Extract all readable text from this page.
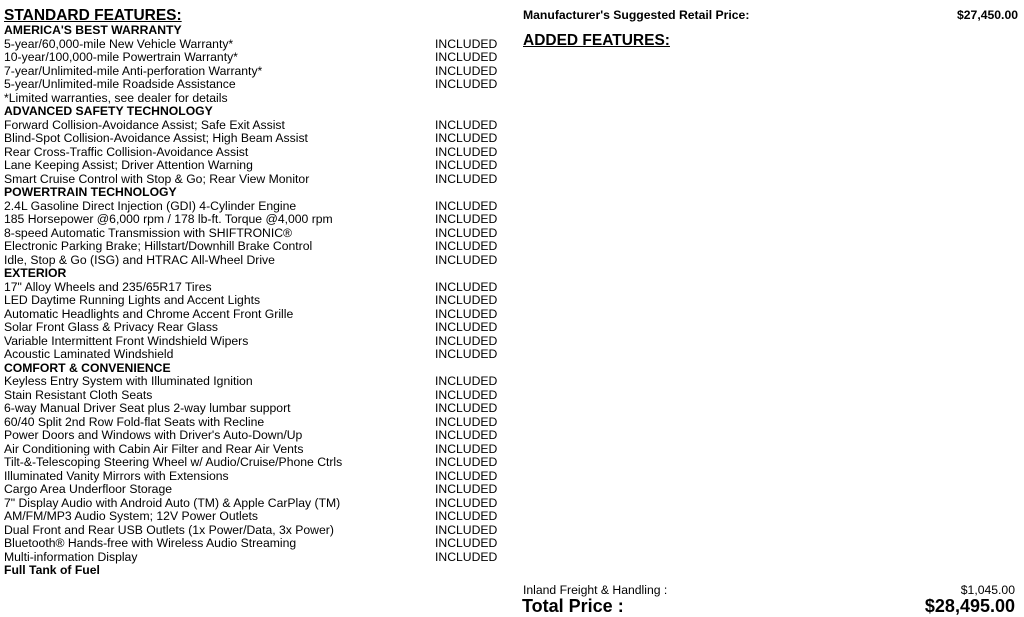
STANDARD FEATURES:
AMERICA'S BEST WARRANTY
5-year/60,000-mile New Vehicle Warranty*	INCLUDED
10-year/100,000-mile Powertrain Warranty*	INCLUDED
7-year/Unlimited-mile Anti-perforation Warranty*	INCLUDED
5-year/Unlimited-mile Roadside Assistance	INCLUDED
*Limited warranties, see dealer for details
ADVANCED SAFETY TECHNOLOGY
Forward Collision-Avoidance Assist; Safe Exit Assist	INCLUDED
Blind-Spot Collision-Avoidance Assist; High Beam Assist	INCLUDED
Rear Cross-Traffic Collision-Avoidance Assist	INCLUDED
Lane Keeping Assist; Driver Attention Warning	INCLUDED
Smart Cruise Control with Stop & Go; Rear View Monitor	INCLUDED
POWERTRAIN TECHNOLOGY
2.4L Gasoline Direct Injection (GDI) 4-Cylinder Engine	INCLUDED
185 Horsepower @6,000 rpm / 178 lb-ft. Torque @4,000 rpm	INCLUDED
8-speed Automatic Transmission with SHIFTRONIC®	INCLUDED
Electronic Parking Brake; Hillstart/Downhill Brake Control	INCLUDED
Idle, Stop & Go (ISG) and HTRAC All-Wheel Drive	INCLUDED
EXTERIOR
17" Alloy Wheels and 235/65R17 Tires	INCLUDED
LED Daytime Running Lights and Accent Lights	INCLUDED
Automatic Headlights and Chrome Accent Front Grille	INCLUDED
Solar Front Glass & Privacy Rear Glass	INCLUDED
Variable Intermittent Front Windshield Wipers	INCLUDED
Acoustic Laminated Windshield	INCLUDED
COMFORT & CONVENIENCE
Keyless Entry System with Illuminated Ignition	INCLUDED
Stain Resistant Cloth Seats	INCLUDED
6-way Manual Driver Seat plus 2-way lumbar support	INCLUDED
60/40 Split 2nd Row Fold-flat Seats with Recline	INCLUDED
Power Doors and Windows with Driver's Auto-Down/Up	INCLUDED
Air Conditioning with Cabin Air Filter and Rear Air Vents	INCLUDED
Tilt-&-Telescoping Steering Wheel w/ Audio/Cruise/Phone Ctrls	INCLUDED
Illuminated Vanity Mirrors with Extensions	INCLUDED
Cargo Area Underfloor Storage	INCLUDED
7" Display Audio with Android Auto (TM) & Apple CarPlay (TM)	INCLUDED
AM/FM/MP3 Audio System; 12V Power Outlets	INCLUDED
Dual Front and Rear USB Outlets (1x Power/Data, 3x Power)	INCLUDED
Bluetooth® Hands-free with Wireless Audio Streaming	INCLUDED
Multi-information Display	INCLUDED
Full Tank of Fuel
Manufacturer's Suggested Retail Price:	$27,450.00
ADDED FEATURES:
Inland Freight & Handling :	$1,045.00
Total Price :	$28,495.00
